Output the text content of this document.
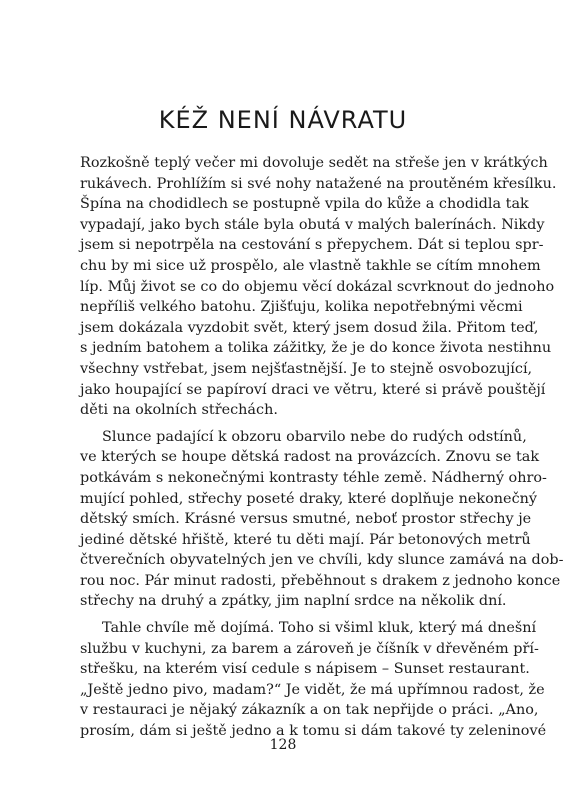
KÉŽ NENÍ NÁVRATU
Rozkošně teplý večer mi dovoluje sedět na střeše jen v krátkých
rukávech. Prohlížím si své nohy natažené na proutěném křesílku.
Špína na chodidlech se postupně vpila do kůže a chodidla tak
vypadají, jako bych stále byla obutá v malých balerínách. Nikdy
jsem si nepotrpěla na cestování s přepychem. Dát si teplou spr-
chu by mi sice už prospělo, ale vlastně takhle se cítím mnohem
líp. Můj život se co do objemu věcí dokázal scvrknout do jednoho
nepříliš velkého batohu. Zjišťuju, kolika nepotřebnými věcmi
jsem dokázala vyzdobit svět, který jsem dosud žila. Přitom teď,
s jedním batohem a tolika zážitky, že je do konce života nestihnu
všechny vstřebat, jsem nejšťastnější. Je to stejně osvobozující,
jako houpající se papíroví draci ve větru, které si právě pouštějí
děti na okolních střechách.
Slunce padající k obzoru obarvilo nebe do rudých odstínů,
ve kterých se houpe dětská radost na provázcích. Znovu se tak
potkávám s nekonečnými kontrasty téhle země. Nádherný ohro-
mující pohled, střechy poseté draky, které doplňuje nekonečný
dětský smích. Krásné versus smutné, neboť prostor střechy je
jediné dětské hřiště, které tu děti mají. Pár betonových metrů
čtverečních obyvatelných jen ve chvíli, kdy slunce zamává na dob-
rou noc. Pár minut radosti, přeběhnout s drakem z jednoho konce
střechy na druhý a zpátky, jim naplní srdce na několik dní.
Tahle chvíle mě dojímá. Toho si všiml kluk, který má dnešní
službu v kuchyni, za barem a zároveň je číšník v dřevěném pří-
střešku, na kterém visí cedule s nápisem – Sunset restaurant.
„Ještě jedno pivo, madam?“ Je vidět, že má upřímnou radost, že
v restauraci je nějaký zákazník a on tak nepřijde o práci. „Ano,
prosím, dám si ještě jedno a k tomu si dám takové ty zeleninové
128
